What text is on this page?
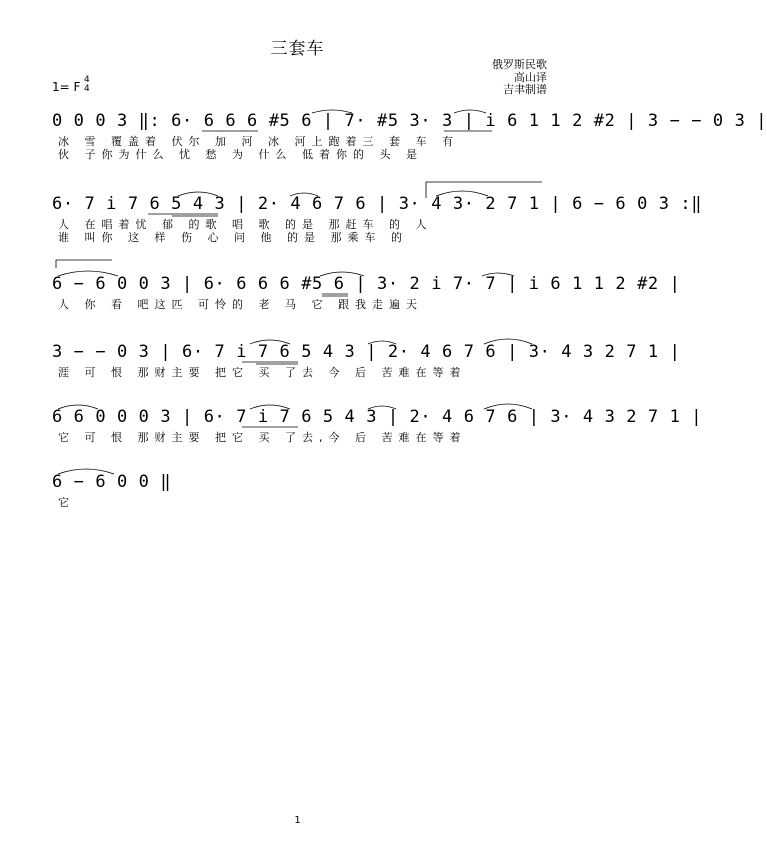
三套车
俄罗斯民歌
高山译
吉聿制谱
1= F 4
4
0 0 0 3 ‖: 6· 6 6 6 #5 6 | 7· #5 3· 3 | i 6 1 1 2 #2 | 3 − − 0 3 |
冰 雪 覆盖着 伏尔 加 河 冰 河上跑着三 套 车 有
伙 子你为什么 忧 愁 为 什么 低着你的 头 是
6· 7 i 7 6 5 4 3 | 2· 4 6 7 6 | 3· 4 3· 2 7 1 | 6 − 6 0 3 :‖
人 在唱着忧 郁 的歌 唱 歌 的是 那赶车 的 人
谁 叫你 这 样 伤 心 问 他 的是 那乘车 的
6 − 6 0 0 3 | 6· 6 6 6 #5 6 | 3· 2 i 7· 7 | i 6 1 1 2 #2 |
人 你 看 吧这匹 可怜的 老 马 它 跟我走遍天
3 − − 0 3 | 6· 7 i 7 6 5 4 3 | 2· 4 6 7 6 | 3· 4 3 2 7 1 |
涯 可 恨 那财主要 把它 买 了去 今 后 苦难在等着
6 6 0 0 0 3 | 6· 7 i 7 6 5 4 3 | 2· 4 6 7 6 | 3· 4 3 2 7 1 |
它 可 恨 那财主要 把它 买 了去,今 后 苦难在等着
6 − 6 0 0 ‖
它
1
